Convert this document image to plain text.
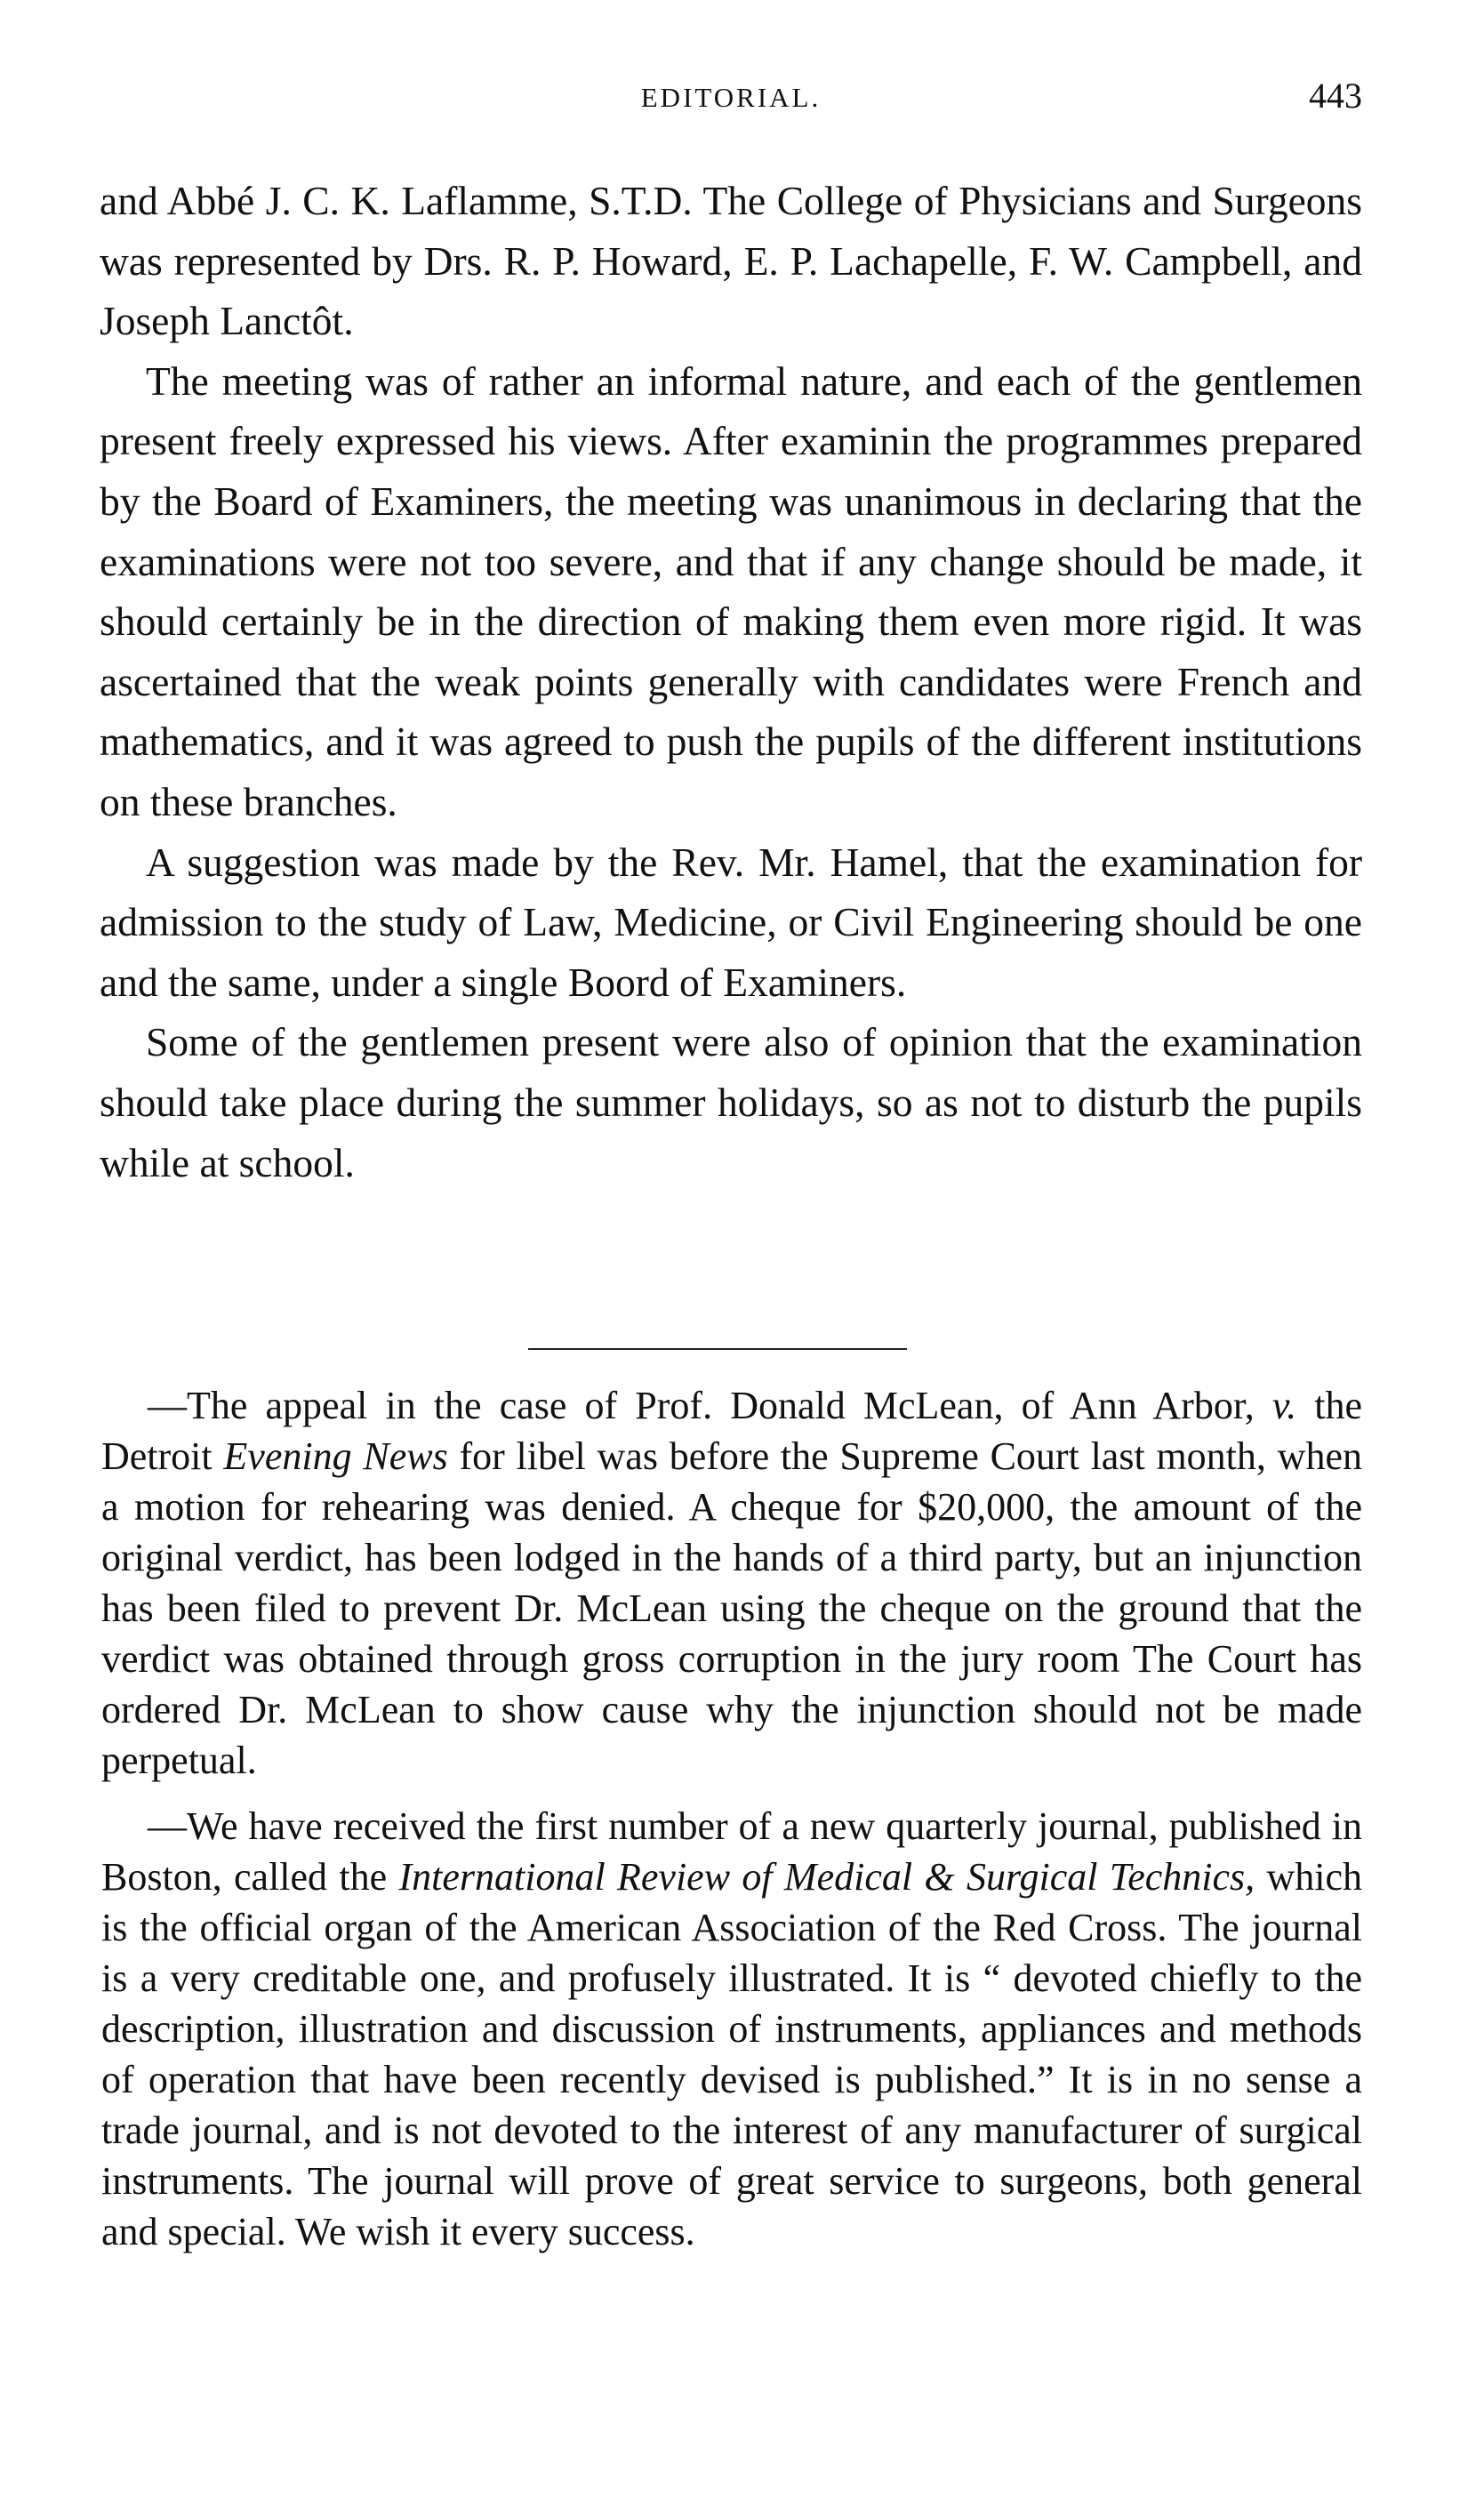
EDITORIAL.	443

and Abbé J. C. K. Laflamme, S.T.D. The College of Physicians and Surgeons was represented by Drs. R. P. Howard, E. P. Lachapelle, F. W. Campbell, and Joseph Lanctôt.

The meeting was of rather an informal nature, and each of the gentlemen present freely expressed his views. After examinin the programmes prepared by the Board of Examiners, the meeting was unanimous in declaring that the examinations were not too severe, and that if any change should be made, it should certainly be in the direction of making them even more rigid. It was ascertained that the weak points generally with candidates were French and mathematics, and it was agreed to push the pupils of the different institutions on these branches.

A suggestion was made by the Rev. Mr. Hamel, that the examination for admission to the study of Law, Medicine, or Civil Engineering should be one and the same, under a single Boord of Examiners.

Some of the gentlemen present were also of opinion that the examination should take place during the summer holidays, so as not to disturb the pupils while at school.

—The appeal in the case of Prof. Donald McLean, of Ann Arbor, v. the Detroit Evening News for libel was before the Supreme Court last month, when a motion for rehearing was denied. A cheque for $20,000, the amount of the original verdict, has been lodged in the hands of a third party, but an injunction has been filed to prevent Dr. McLean using the cheque on the ground that the verdict was obtained through gross corruption in the jury room The Court has ordered Dr. McLean to show cause why the injunction should not be made perpetual.

—We have received the first number of a new quarterly journal, published in Boston, called the International Review of Medical & Surgical Technics, which is the official organ of the American Association of the Red Cross. The journal is a very creditable one, and profusely illustrated. It is “ devoted chiefly to the description, illustration and discussion of instruments, appliances and methods of operation that have been recently devised is published.” It is in no sense a trade journal, and is not devoted to the interest of any manufacturer of surgical instruments. The journal will prove of great service to surgeons, both general and special. We wish it every success.
